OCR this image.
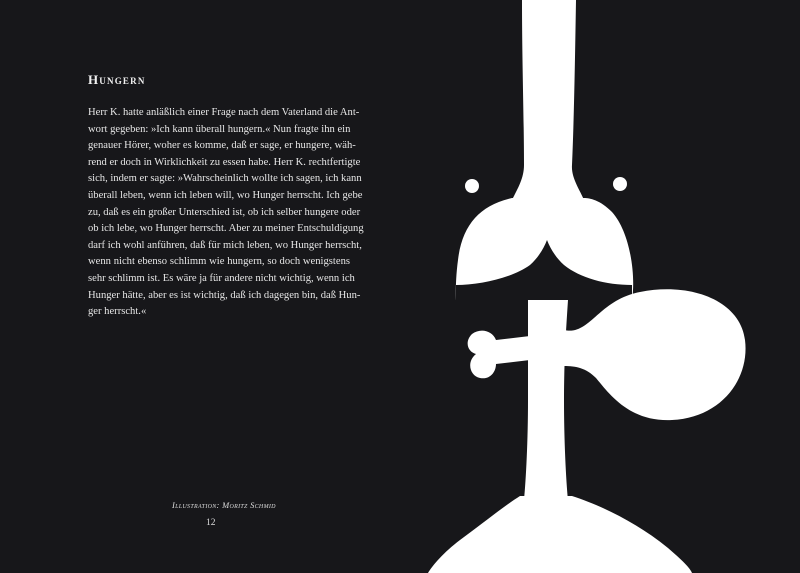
Hungern
Herr K. hatte anläßlich einer Frage nach dem Vaterland die Ant-
wort gegeben: »Ich kann überall hungern.« Nun fragte ihn ein
genauer Hörer, woher es komme, daß er sage, er hungere, wäh-
rend er doch in Wirklichkeit zu essen habe. Herr K. rechtfertigte
sich, indem er sagte: »Wahrscheinlich wollte ich sagen, ich kann
überall leben, wenn ich leben will, wo Hunger herrscht. Ich gebe
zu, daß es ein großer Unterschied ist, ob ich selber hungere oder
ob ich lebe, wo Hunger herrscht. Aber zu meiner Entschuldigung
darf ich wohl anführen, daß für mich leben, wo Hunger herrscht,
wenn nicht ebenso schlimm wie hungern, so doch wenigstens
sehr schlimm ist. Es wäre ja für andere nicht wichtig, wenn ich
Hunger hätte, aber es ist wichtig, daß ich dagegen bin, daß Hun-
ger herrscht.«
Illustration: Moritz Schmid
12
